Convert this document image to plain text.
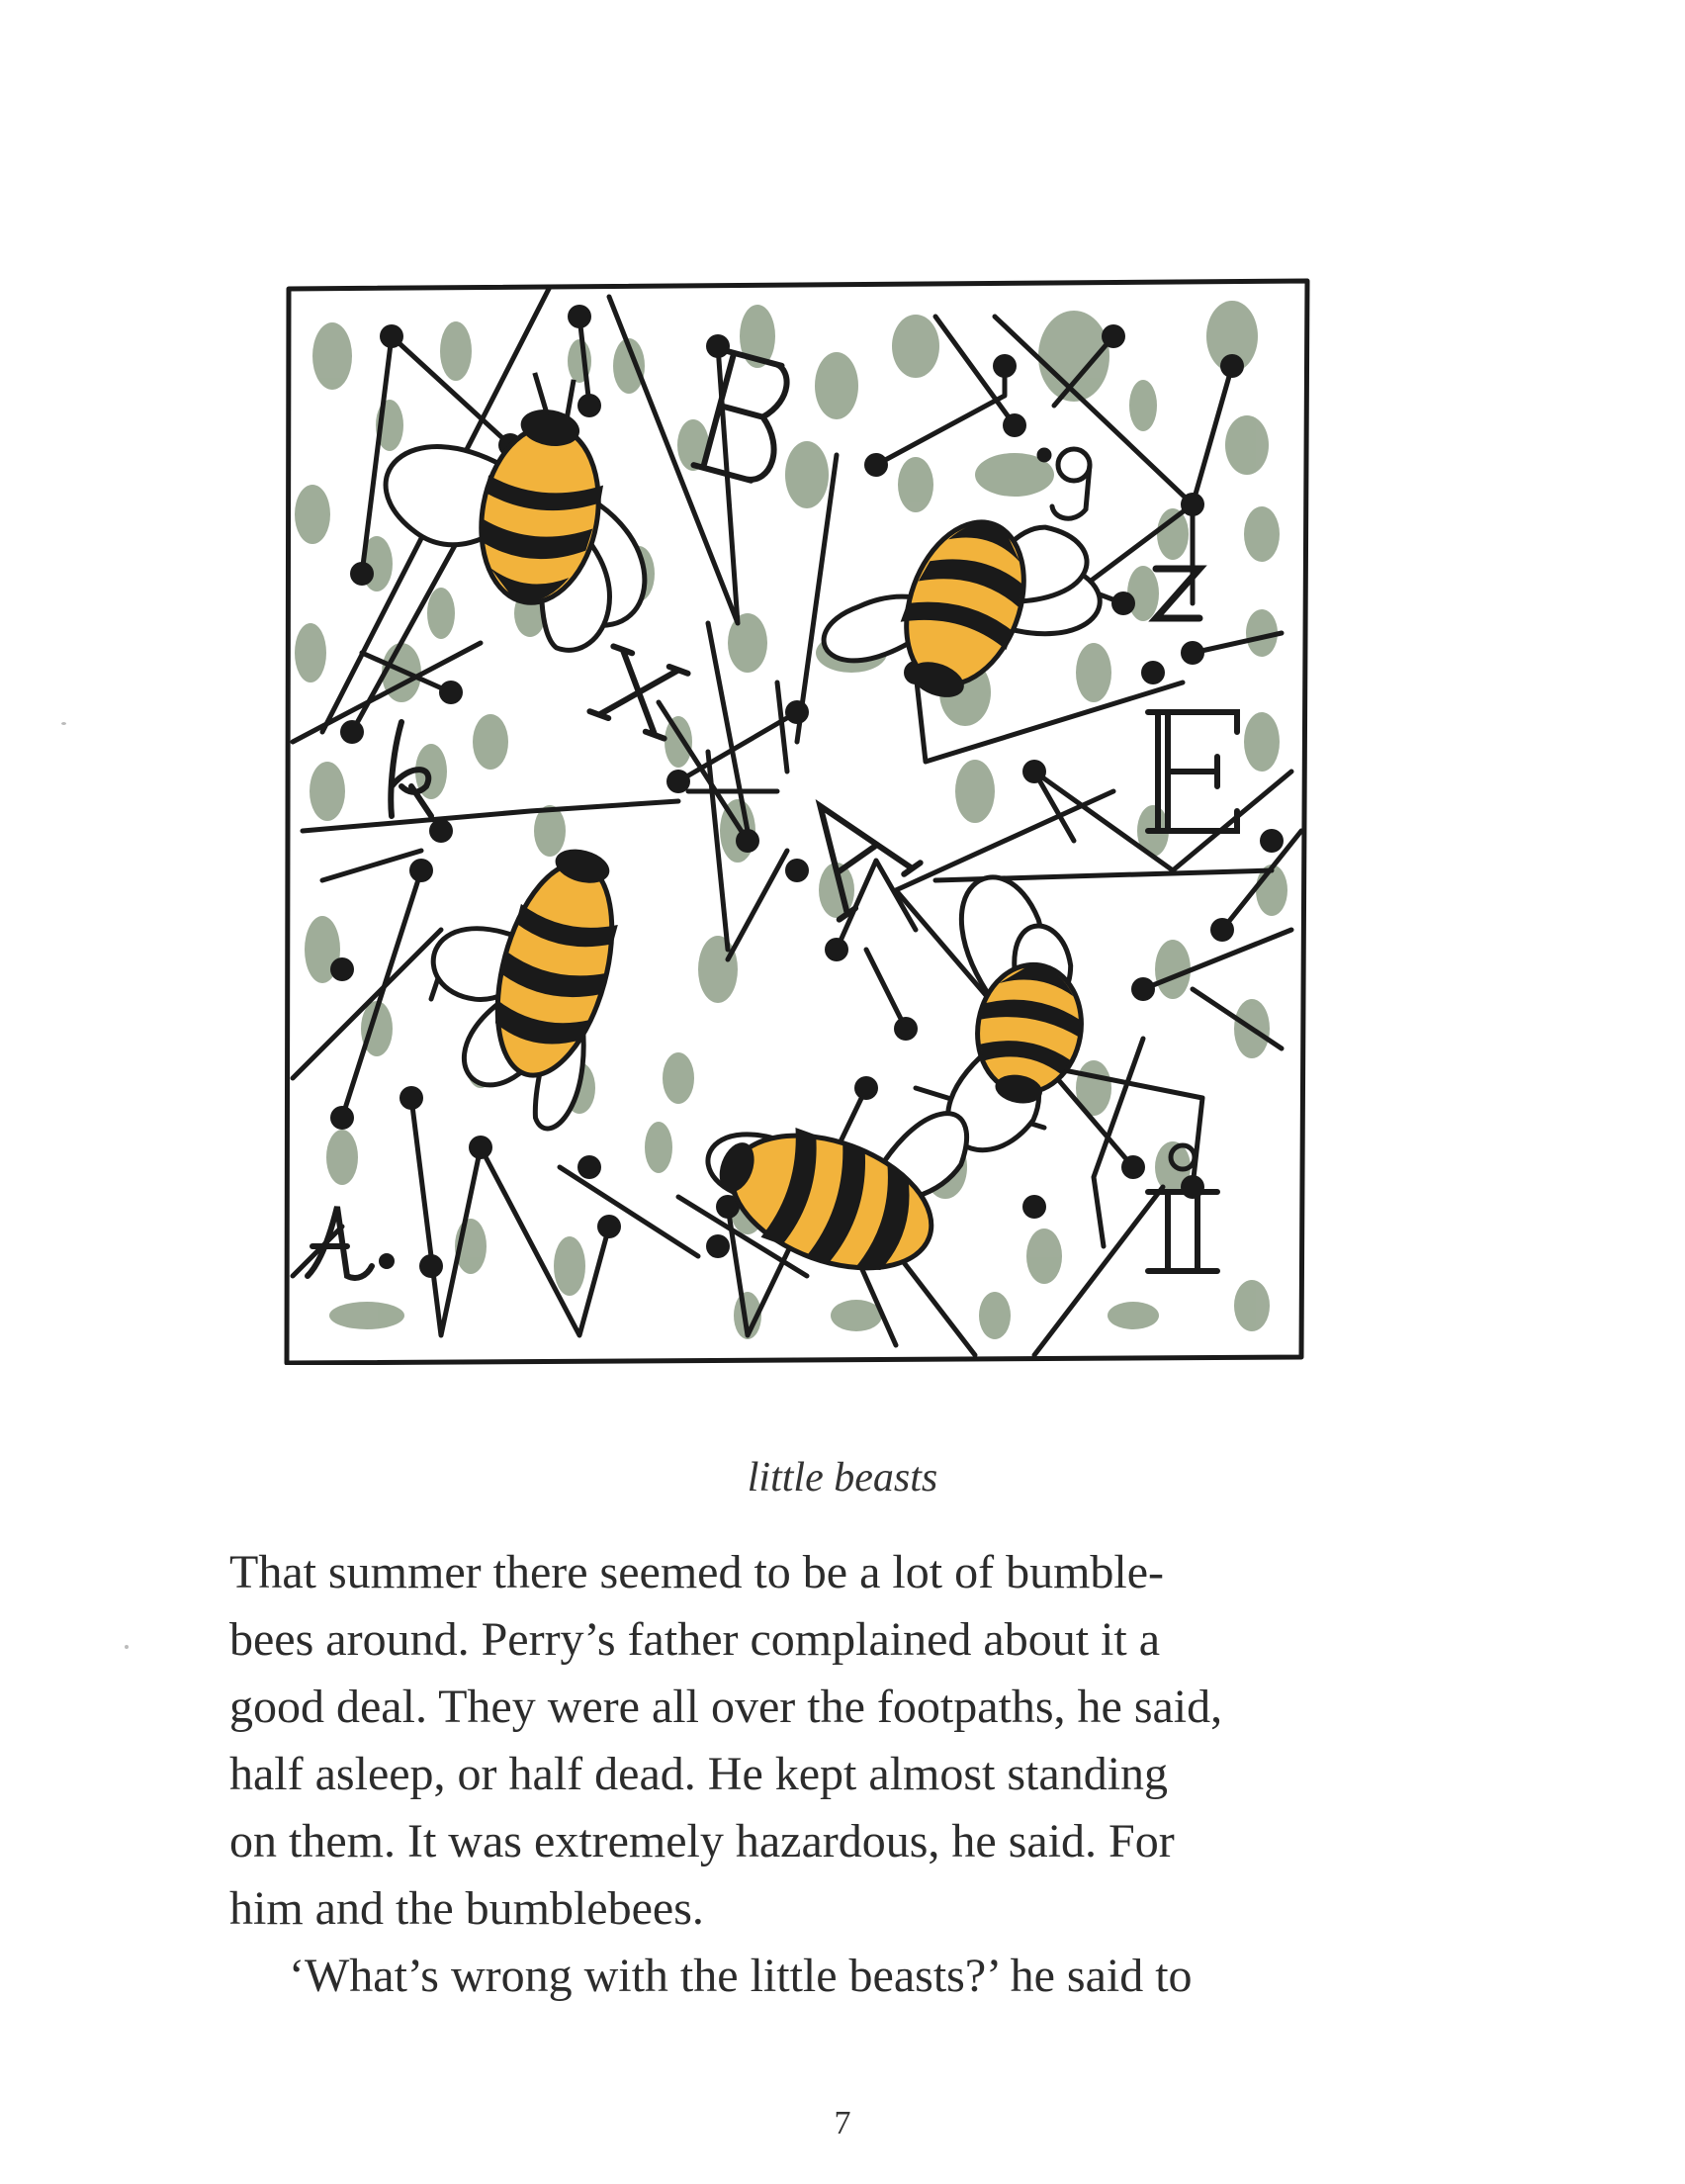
little beasts
That summer there seemed to be a lot of bumble-
bees around. Perry’s father complained about it a
good deal. They were all over the footpaths, he said,
half asleep, or half dead. He kept almost standing
on them. It was extremely hazardous, he said. For
him and the bumblebees.
‘What’s wrong with the little beasts?’ he said to
7
